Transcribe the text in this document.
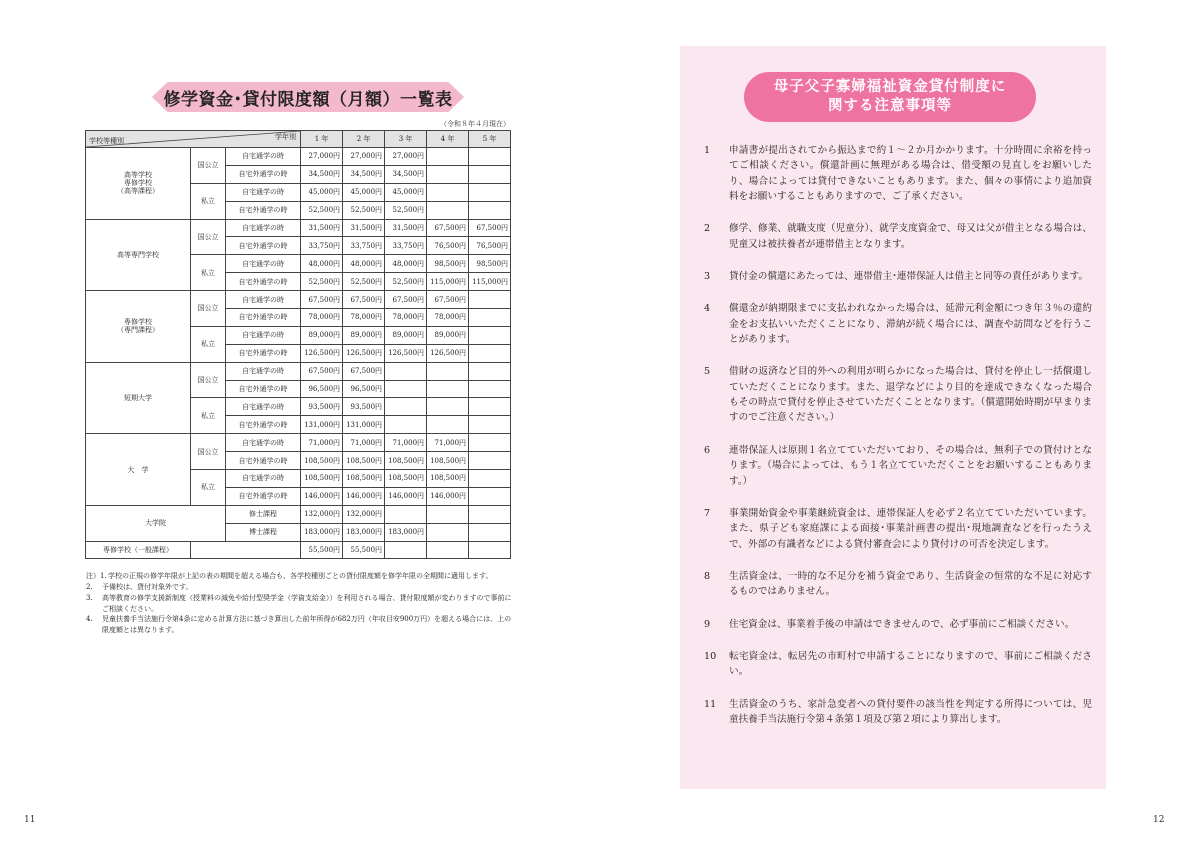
修学資金･貸付限度額（月額）一覧表
（令和８年４月現在）
学校等種別 学年別			1 年	2 年	3 年	4 年	5 年
高等学校
専修学校
（高等課程）	国公立	自宅通学の時	27,000円	27,000円	27,000円		
		自宅外通学の時	34,500円	34,500円	34,500円		
	私立	自宅通学の時	45,000円	45,000円	45,000円		
		自宅外通学の時	52,500円	52,500円	52,500円		
高等専門学校	国公立	自宅通学の時	31,500円	31,500円	31,500円	67,500円	67,500円
		自宅外通学の時	33,750円	33,750円	33,750円	76,500円	76,500円
	私立	自宅通学の時	48,000円	48,000円	48,000円	98,500円	98,500円
		自宅外通学の時	52,500円	52,500円	52,500円	115,000円	115,000円
専修学校
（専門課程）	国公立	自宅通学の時	67,500円	67,500円	67,500円	67,500円	
		自宅外通学の時	78,000円	78,000円	78,000円	78,000円	
	私立	自宅通学の時	89,000円	89,000円	89,000円	89,000円	
		自宅外通学の時	126,500円	126,500円	126,500円	126,500円	
短期大学	国公立	自宅通学の時	67,500円	67,500円			
		自宅外通学の時	96,500円	96,500円			
	私立	自宅通学の時	93,500円	93,500円			
		自宅外通学の時	131,000円	131,000円			
大　学	国公立	自宅通学の時	71,000円	71,000円	71,000円	71,000円	
		自宅外通学の時	108,500円	108,500円	108,500円	108,500円	
	私立	自宅通学の時	108,500円	108,500円	108,500円	108,500円	
		自宅外通学の時	146,000円	146,000円	146,000円	146,000円	
大学院		修士課程	132,000円	132,000円			
		博士課程	183,000円	183,000円	183,000円		
専修学校（一般課程）			55,500円	55,500円			
注）1. 学校の正規の修学年限が上記の表の期間を超える場合も、各学校種別ごとの貸付限度額を修学年限の全期間に適用します。
2. 予備校は、貸付対象外です。
3. 高等教育の修学支援新制度（授業料の減免や給付型奨学金（学資支給金））を利用される場合、貸付限度額が変わりますので事前にご相談ください。
4. 児童扶養手当法施行令第4条に定める計算方法に基づき算出した前年所得が682万円（年収目安900万円）を超える場合には、上の限度額とは異なります。
11
母子父子寡婦福祉資金貸付制度に
関する注意事項等
1	申請書が提出されてから振込まで約１～２か月かかります。十分時間に余裕を持ってご相談ください。償還計画に無理がある場合は、借受額の見直しをお願いしたり、場合によっては貸付できないこともあります。また、個々の事情により追加資料をお願いすることもありますので、ご了承ください。
2	修学、修業、就職支度（児童分）、就学支度資金で、母又は父が借主となる場合は、児童又は被扶養者が連帯借主となります。
3	貸付金の償還にあたっては、連帯借主･連帯保証人は借主と同等の責任があります。
4	償還金が納期限までに支払われなかった場合は、延滞元利金額につき年３％の違約金をお支払いいただくことになり、滞納が続く場合には、調査や訪問などを行うことがあります。
5	借財の返済など目的外への利用が明らかになった場合は、貸付を停止し一括償還していただくことになります。また、退学などにより目的を達成できなくなった場合もその時点で貸付を停止させていただくこととなります。（償還開始時期が早まりますのでご注意ください。）
6	連帯保証人は原則１名立てていただいており、その場合は、無利子での貸付けとなります。（場合によっては、もう１名立てていただくことをお願いすることもあります。）
7	事業開始資金や事業継続資金は、連帯保証人を必ず２名立てていただいています。また、県子ども家庭課による面接･事業計画書の提出･現地調査などを行ったうえで、外部の有識者などによる貸付審査会により貸付けの可否を決定します。
8	生活資金は、一時的な不足分を補う資金であり、生活資金の恒常的な不足に対応するものではありません。
9	住宅資金は、事業着手後の申請はできませんので、必ず事前にご相談ください。
10	転宅資金は、転居先の市町村で申請することになりますので、事前にご相談ください。
11	生活資金のうち、家計急変者への貸付要件の該当性を判定する所得については、児童扶養手当法施行令第４条第１項及び第２項により算出します。
12
